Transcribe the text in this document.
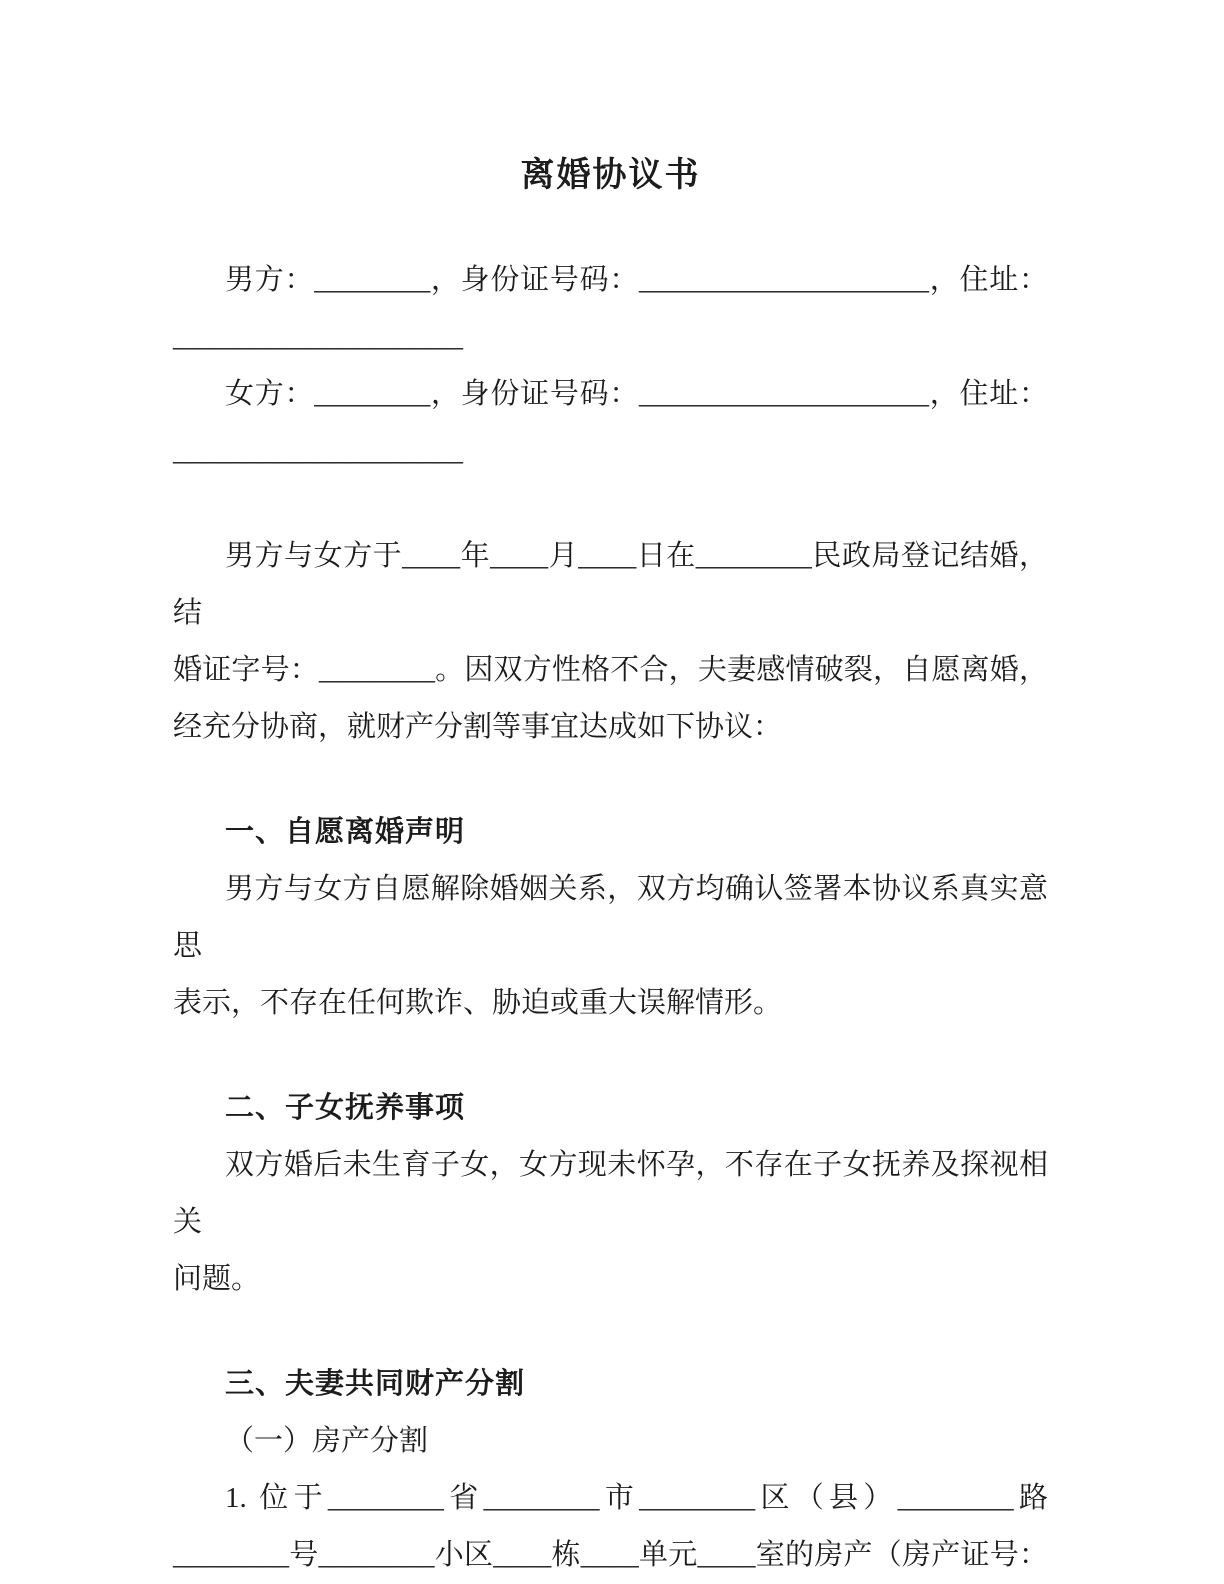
离婚协议书
男方：________，身份证号码：____________________，住址：
____________________
女方：________，身份证号码：____________________，住址：
____________________
男方与女方于____年____月____日在________民政局登记结婚，结
婚证字号：________。因双方性格不合，夫妻感情破裂，自愿离婚，
经充分协商，就财产分割等事宜达成如下协议：
一、自愿离婚声明
男方与女方自愿解除婚姻关系，双方均确认签署本协议系真实意思
表示，不存在任何欺诈、胁迫或重大误解情形。
二、子女抚养事项
双方婚后未生育子女，女方现未怀孕，不存在子女抚养及探视相关
问题。
三、夫妻共同财产分割
（一）房产分割
1. 位于________省________市________区（县）________路
________号________小区____栋____单元____室的房产（房产证号：
